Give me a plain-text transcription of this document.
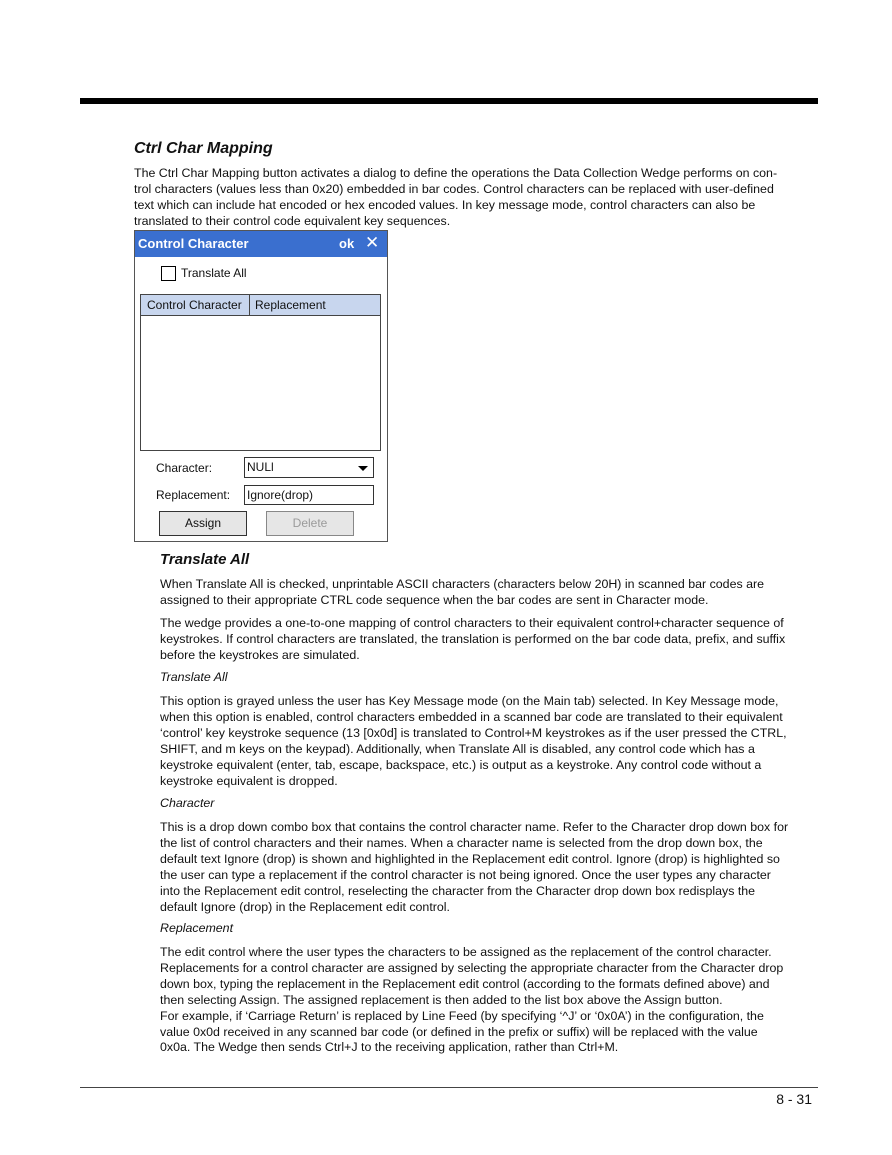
Ctrl Char Mapping
The Ctrl Char Mapping button activates a dialog to define the operations the Data Collection Wedge performs on con-
trol characters (values less than 0x20) embedded in bar codes. Control characters can be replaced with user-defined
text which can include hat encoded or hex encoded values. In key message mode, control characters can also be
translated to their control code equivalent key sequences.
Control Character	ok ✕
Translate All
Control Character Replacement
Character:	NULl
Replacement: Ignore(drop)
Assign	Delete
Translate All
When Translate All is checked, unprintable ASCII characters (characters below 20H) in scanned bar codes are
assigned to their appropriate CTRL code sequence when the bar codes are sent in Character mode.
The wedge provides a one-to-one mapping of control characters to their equivalent control+character sequence of
keystrokes. If control characters are translated, the translation is performed on the bar code data, prefix, and suffix
before the keystrokes are simulated.
Translate All
This option is grayed unless the user has Key Message mode (on the Main tab) selected. In Key Message mode,
when this option is enabled, control characters embedded in a scanned bar code are translated to their equivalent
‘control’ key keystroke sequence (13 [0x0d] is translated to Control+M keystrokes as if the user pressed the CTRL,
SHIFT, and m keys on the keypad). Additionally, when Translate All is disabled, any control code which has a
keystroke equivalent (enter, tab, escape, backspace, etc.) is output as a keystroke. Any control code without a
keystroke equivalent is dropped.
Character
This is a drop down combo box that contains the control character name. Refer to the Character drop down box for
the list of control characters and their names. When a character name is selected from the drop down box, the
default text Ignore (drop) is shown and highlighted in the Replacement edit control. Ignore (drop) is highlighted so
the user can type a replacement if the control character is not being ignored. Once the user types any character
into the Replacement edit control, reselecting the character from the Character drop down box redisplays the
default Ignore (drop) in the Replacement edit control.
Replacement
The edit control where the user types the characters to be assigned as the replacement of the control character.
Replacements for a control character are assigned by selecting the appropriate character from the Character drop
down box, typing the replacement in the Replacement edit control (according to the formats defined above) and
then selecting Assign. The assigned replacement is then added to the list box above the Assign button.
For example, if ‘Carriage Return’ is replaced by Line Feed (by specifying ‘^J’ or ‘0x0A’) in the configuration, the
value 0x0d received in any scanned bar code (or defined in the prefix or suffix) will be replaced with the value
0x0a. The Wedge then sends Ctrl+J to the receiving application, rather than Ctrl+M.
8 - 31
